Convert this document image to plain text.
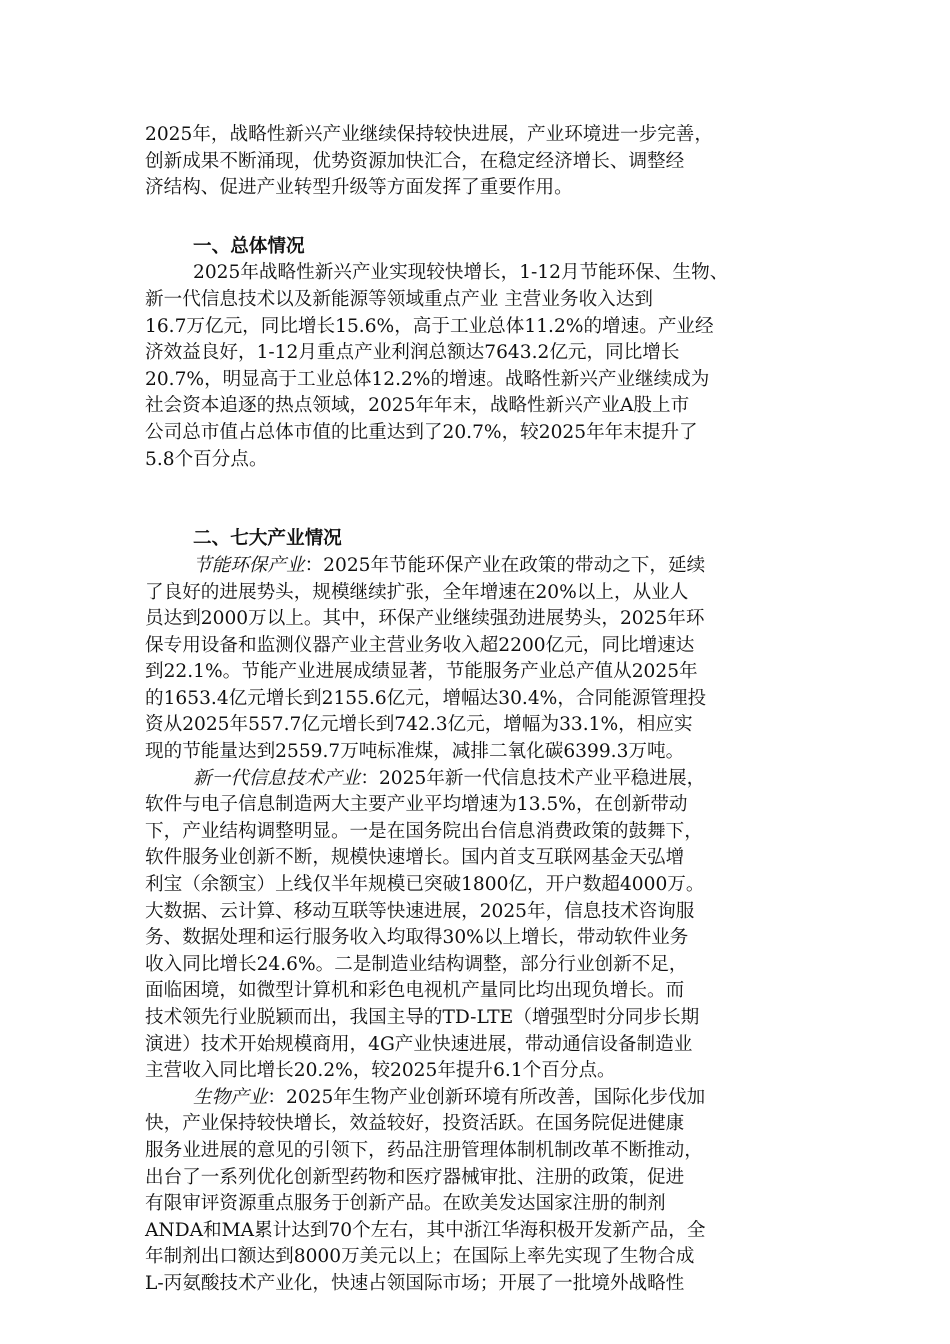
2025年，战略性新兴产业继续保持较快进展，产业环境进一步完善，
创新成果不断涌现，优势资源加快汇合，在稳定经济增长、调整经
济结构、促进产业转型升级等方面发挥了重要作用。
一、总体情况
2025年战略性新兴产业实现较快增长，1-12月节能环保、生物、
新一代信息技术以及新能源等领域重点产业 主营业务收入达到
16.7万亿元，同比增长15.6%，高于工业总体11.2%的增速。产业经
济效益良好，1-12月重点产业利润总额达7643.2亿元，同比增长
20.7%，明显高于工业总体12.2%的增速。战略性新兴产业继续成为
社会资本追逐的热点领域，2025年年末，战略性新兴产业A股上市
公司总市值占总体市值的比重达到了20.7%，较2025年年末提升了
5.8个百分点。
二、七大产业情况
节能环保产业：2025年节能环保产业在政策的带动之下，延续
了良好的进展势头，规模继续扩张，全年增速在20%以上，从业人
员达到2000万以上。其中，环保产业继续强劲进展势头，2025年环
保专用设备和监测仪器产业主营业务收入超2200亿元，同比增速达
到22.1%。节能产业进展成绩显著，节能服务产业总产值从2025年
的1653.4亿元增长到2155.6亿元，增幅达30.4%，合同能源管理投
资从2025年557.7亿元增长到742.3亿元，增幅为33.1%，相应实
现的节能量达到2559.7万吨标准煤，减排二氧化碳6399.3万吨。
新一代信息技术产业：2025年新一代信息技术产业平稳进展，
软件与电子信息制造两大主要产业平均增速为13.5%，在创新带动
下，产业结构调整明显。一是在国务院出台信息消费政策的鼓舞下，
软件服务业创新不断，规模快速增长。国内首支互联网基金天弘增
利宝（余额宝）上线仅半年规模已突破1800亿，开户数超4000万。
大数据、云计算、移动互联等快速进展，2025年，信息技术咨询服
务、数据处理和运行服务收入均取得30%以上增长，带动软件业务
收入同比增长24.6%。二是制造业结构调整，部分行业创新不足，
面临困境，如微型计算机和彩色电视机产量同比均出现负增长。而
技术领先行业脱颖而出，我国主导的TD-LTE（增强型时分同步长期
演进）技术开始规模商用，4G产业快速进展，带动通信设备制造业
主营收入同比增长20.2%，较2025年提升6.1个百分点。
生物产业：2025年生物产业创新环境有所改善，国际化步伐加
快，产业保持较快增长，效益较好，投资活跃。在国务院促进健康
服务业进展的意见的引领下，药品注册管理体制机制改革不断推动，
出台了一系列优化创新型药物和医疗器械审批、注册的政策，促进
有限审评资源重点服务于创新产品。在欧美发达国家注册的制剂
ANDA和MA累计达到70个左右，其中浙江华海积极开发新产品，全
年制剂出口额达到8000万美元以上；在国际上率先实现了生物合成
L-丙氨酸技术产业化，快速占领国际市场；开展了一批境外战略性
